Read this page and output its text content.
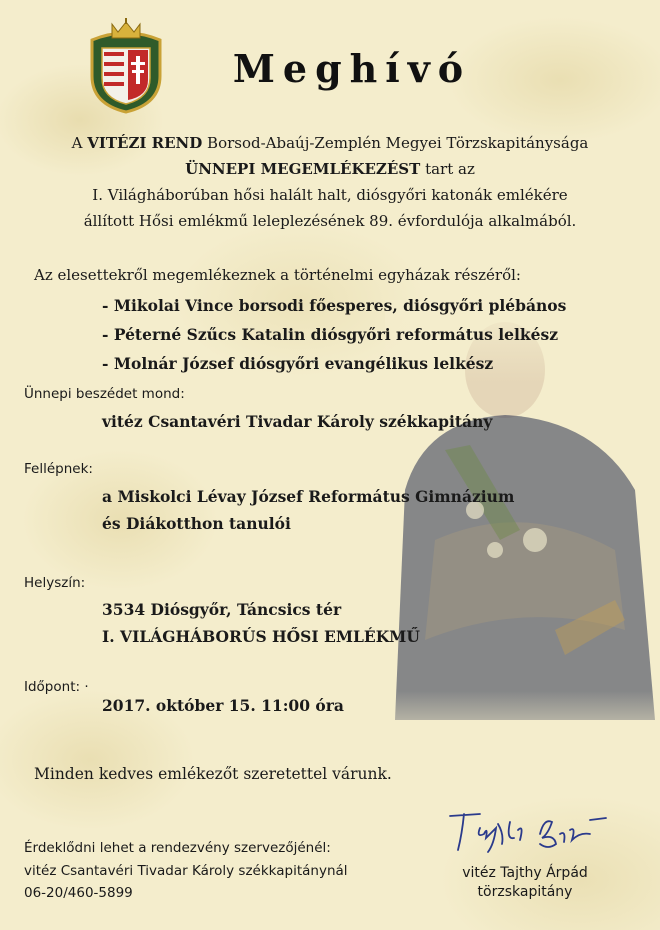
Meghívó
A VITÉZI REND Borsod-Abaúj-Zemplén Megyei Törzskapitánysága
ÜNNEPI MEGEMLÉKEZÉST tart az
I. Világháborúban hősi halált halt, diósgyőri katonák emlékére
állított Hősi emlékmű leleplezésének 89. évfordulója alkalmából.
Az elesettekről megemlékeznek a történelmi egyházak részéről:
- Mikolai Vince borsodi főesperes, diósgyőri plébános
- Péterné Szűcs Katalin diósgyőri református lelkész
- Molnár József diósgyőri evangélikus lelkész
Ünnepi beszédet mond:
vitéz Csantavéri Tivadar Károly székkapitány
Fellépnek:
a Miskolci Lévay József Református Gimnázium
és Diákotthon tanulói
Helyszín:
3534 Diósgyőr, Táncsics tér
I. VILÁGHÁBORÚS HŐSI EMLÉKMŰ
Időpont: ·
2017. október 15. 11:00 óra
Minden kedves emlékezőt szeretettel várunk.
Érdeklődni lehet a rendezvény szervezőjénél:
vitéz Csantavéri Tivadar Károly székkapitánynál
06-20/460-5899
vitéz Tajthy Árpád
törzskapitány
